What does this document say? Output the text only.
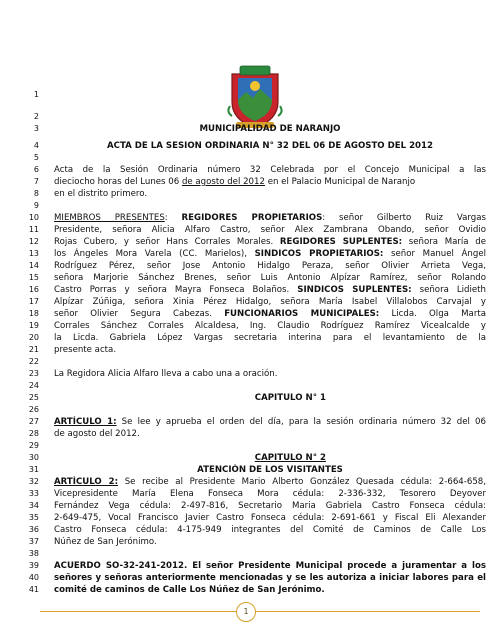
1
2
3	MUNICIPALIDAD DE NARANJO
4	ACTA DE LA SESION ORDINARIA N° 32 DEL 06 DE AGOSTO DEL 2012
5
6 Acta de la Sesión Ordinaria número 32 Celebrada por el Concejo Municipal a las
7 dieciocho horas del Lunes 06 de agosto del 2012 en el Palacio Municipal de Naranjo
8 en el distrito primero.
9
10 MIEMBROS PRESENTES: REGIDORES PROPIETARIOS: señor Gilberto Ruiz Vargas
11 Presidente, señora Alicia Alfaro Castro, señor Alex Zambrana Obando, señor Ovidio
12 Rojas Cubero, y señor Hans Corrales Morales. REGIDORES SUPLENTES: señora María de
13 los Ángeles Mora Varela (CC. Marielos), SINDICOS PROPIETARIOS: señor Manuel Ángel
14 Rodríguez Pérez, señor Jose Antonio Hidalgo Peraza, señor Olivier Arrieta Vega,
15 señora Marjorie Sánchez Brenes, señor Luis Antonio Alpízar Ramírez, señor Rolando
16 Castro Porras y señora Mayra Fonseca Bolaños. SINDICOS SUPLENTES: señora Lidieth
17 Alpízar Zúñiga, señora Xinia Pérez Hidalgo, señora María Isabel Villalobos Carvajal y
18 señor Olivier Segura Cabezas. FUNCIONARIOS MUNICIPALES: Licda. Olga Marta
19 Corrales Sánchez Corrales Alcaldesa, Ing. Claudio Rodríguez Ramírez Vicealcalde y
20 la Licda. Gabriela López Vargas secretaria interina para el levantamiento de la
21 presente acta.
22
23 La Regidora Alicia Alfaro lleva a cabo una a oración.
24
25	CAPITULO N° 1
26
27 ARTÍCULO 1: Se lee y aprueba el orden del día, para la sesión ordinaria número 32 del 06
28 de agosto del 2012.
29
30	CAPITULO N° 2
31	ATENCIÓN DE LOS VISITANTES
32 ARTÍCULO 2: Se recibe al Presidente Mario Alberto González Quesada cédula: 2-664-658,
33 Vicepresidente María Elena Fonseca Mora cédula: 2-336-332, Tesorero Deyover
34 Fernández Vega cédula: 2-497-816, Secretario Maria Gabriela Castro Fonseca cédula:
35 2-649-475, Vocal Francisco Javier Castro Fonseca cédula: 2-691-661 y Fiscal Eli Alexander
36 Castro Fonseca cédula: 4-175-949 integrantes del Comité de Caminos de Calle Los
37 Núñez de San Jerónimo.
38
39 ACUERDO SO-32-241-2012. El señor Presidente Municipal procede a juramentar a los
40 señores y señoras anteriormente mencionadas y se les autoriza a iniciar labores para el
41 comité de caminos de Calle Los Núñez de San Jerónimo.
1
